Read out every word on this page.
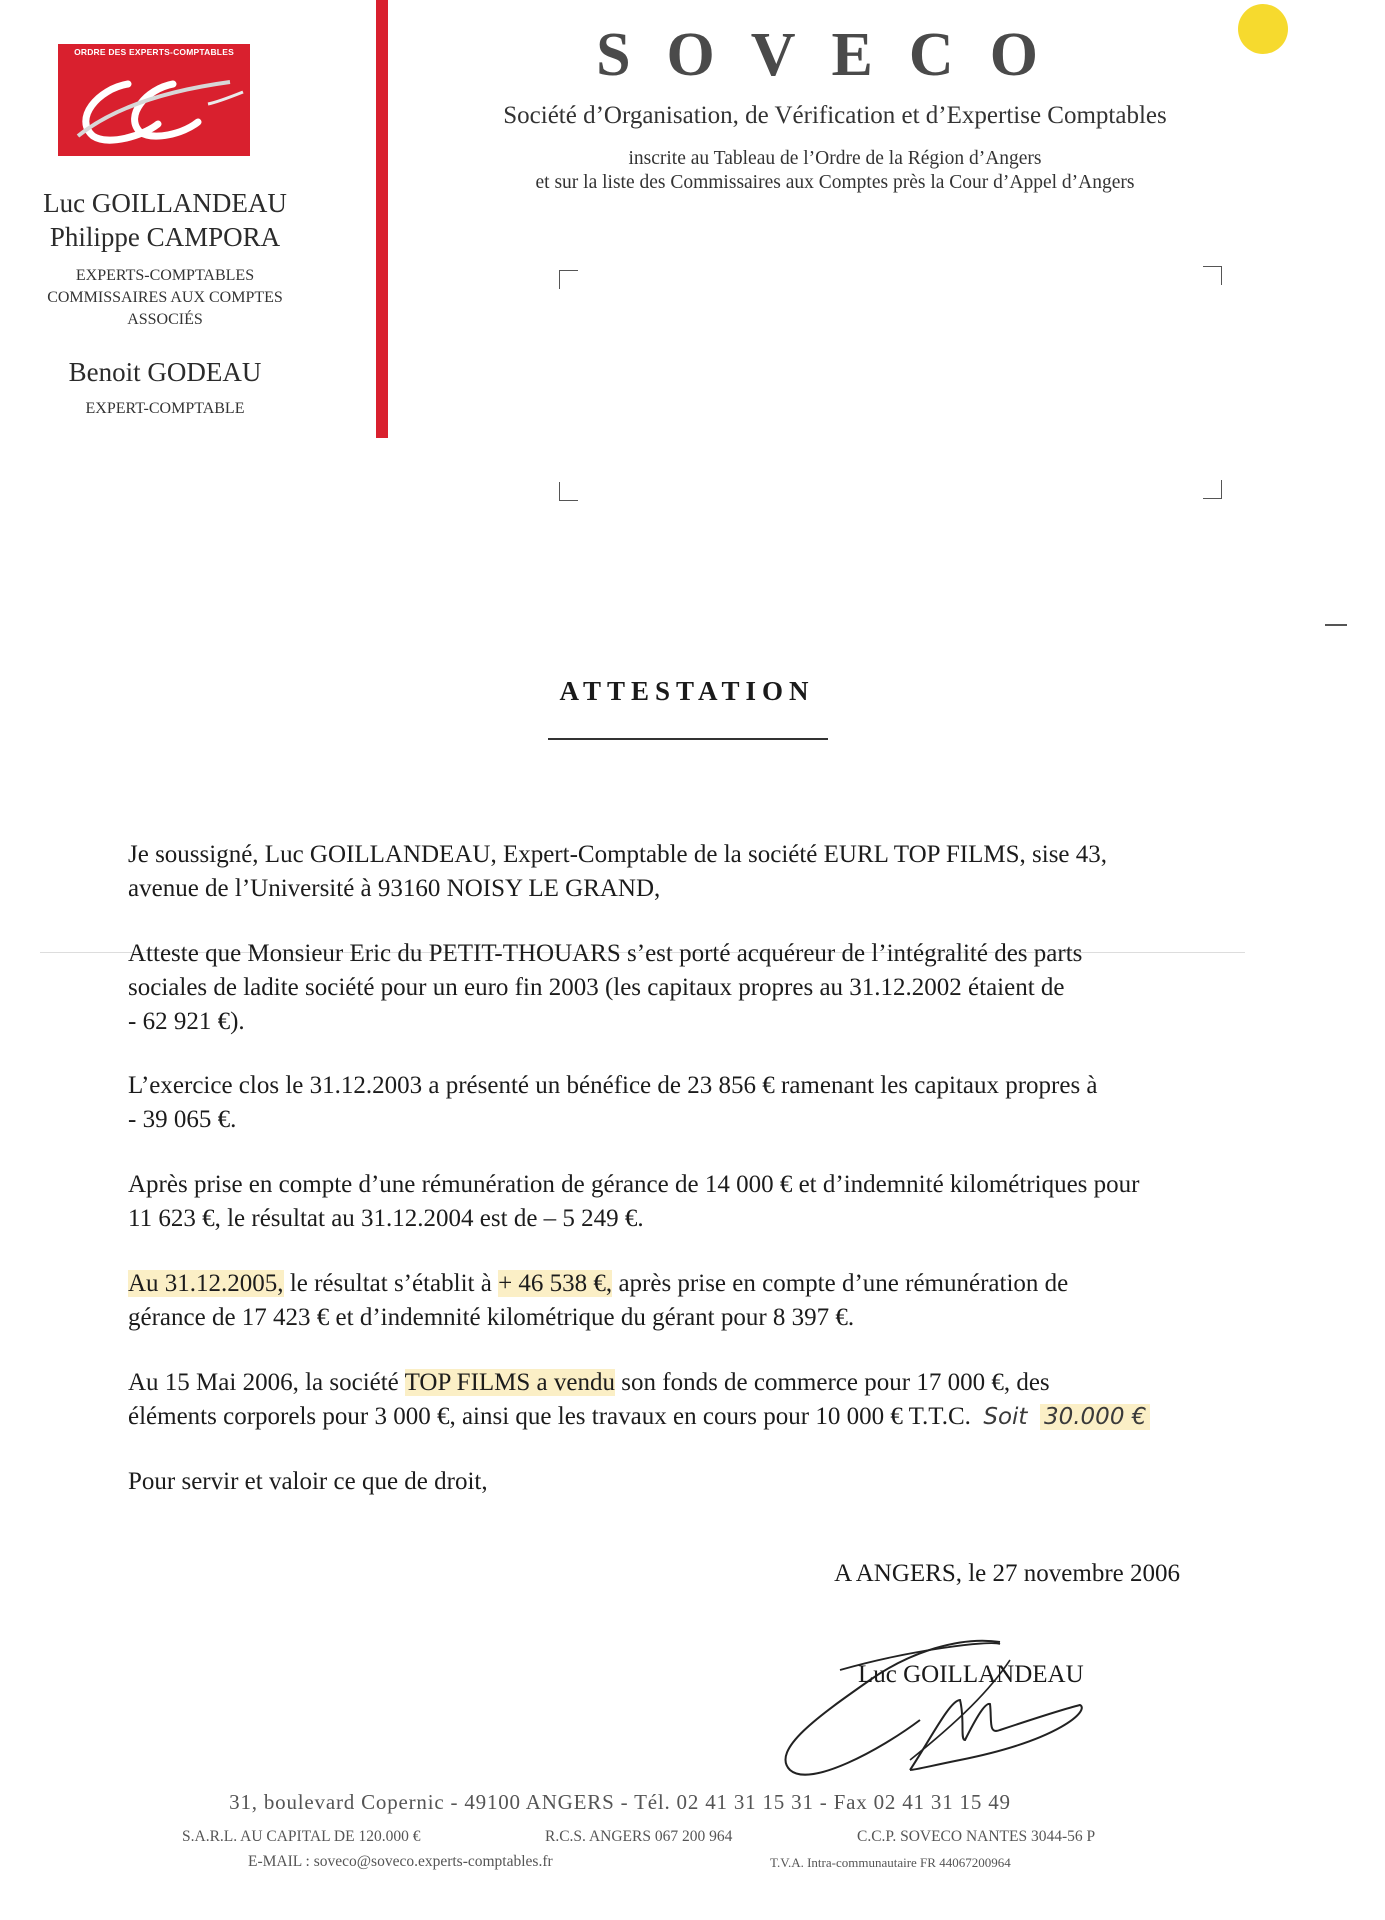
ORDRE DES EXPERTS-COMPTABLES
Luc GOILLANDEAU
Philippe CAMPORA
EXPERTS-COMPTABLES
COMMISSAIRES AUX COMPTES
ASSOCIÉS
Benoit GODEAU
EXPERT-COMPTABLE
SOVECO
Société d’Organisation, de Vérification et d’Expertise Comptables
inscrite au Tableau de l’Ordre de la Région d’Angers
et sur la liste des Commissaires aux Comptes près la Cour d’Appel d’Angers
ATTESTATION
Je soussigné, Luc GOILLANDEAU, Expert-Comptable de la société EURL TOP FILMS, sise 43,
avenue de l’Université à 93160 NOISY LE GRAND,
Atteste que Monsieur Eric du PETIT-THOUARS s’est porté acquéreur de l’intégralité des parts
sociales de ladite société pour un euro fin 2003 (les capitaux propres au 31.12.2002 étaient de
- 62 921 €).
L’exercice clos le 31.12.2003 a présenté un bénéfice de 23 856 € ramenant les capitaux propres à
- 39 065 €.
Après prise en compte d’une rémunération de gérance de 14 000 € et d’indemnité kilométriques pour
11 623 €, le résultat au 31.12.2004 est de – 5 249 €.
Au 31.12.2005, le résultat s’établit à + 46 538 €, après prise en compte d’une rémunération de
gérance de 17 423 € et d’indemnité kilométrique du gérant pour 8 397 €.
Au 15 Mai 2006, la société TOP FILMS a vendu son fonds de commerce pour 17 000 €, des
éléments corporels pour 3 000 €, ainsi que les travaux en cours pour 10 000 € T.T.C. Soit 30.000 €
Pour servir et valoir ce que de droit,
A ANGERS, le 27 novembre 2006
Luc GOILLANDEAU
31, boulevard Copernic - 49100 ANGERS - Tél. 02 41 31 15 31 - Fax 02 41 31 15 49
S.A.R.L. AU CAPITAL DE 120.000 €	R.C.S. ANGERS 067 200 964	C.C.P. SOVECO NANTES 3044-56 P
E-MAIL : soveco@soveco.experts-comptables.fr	T.V.A. Intra-communautaire FR 44067200964
